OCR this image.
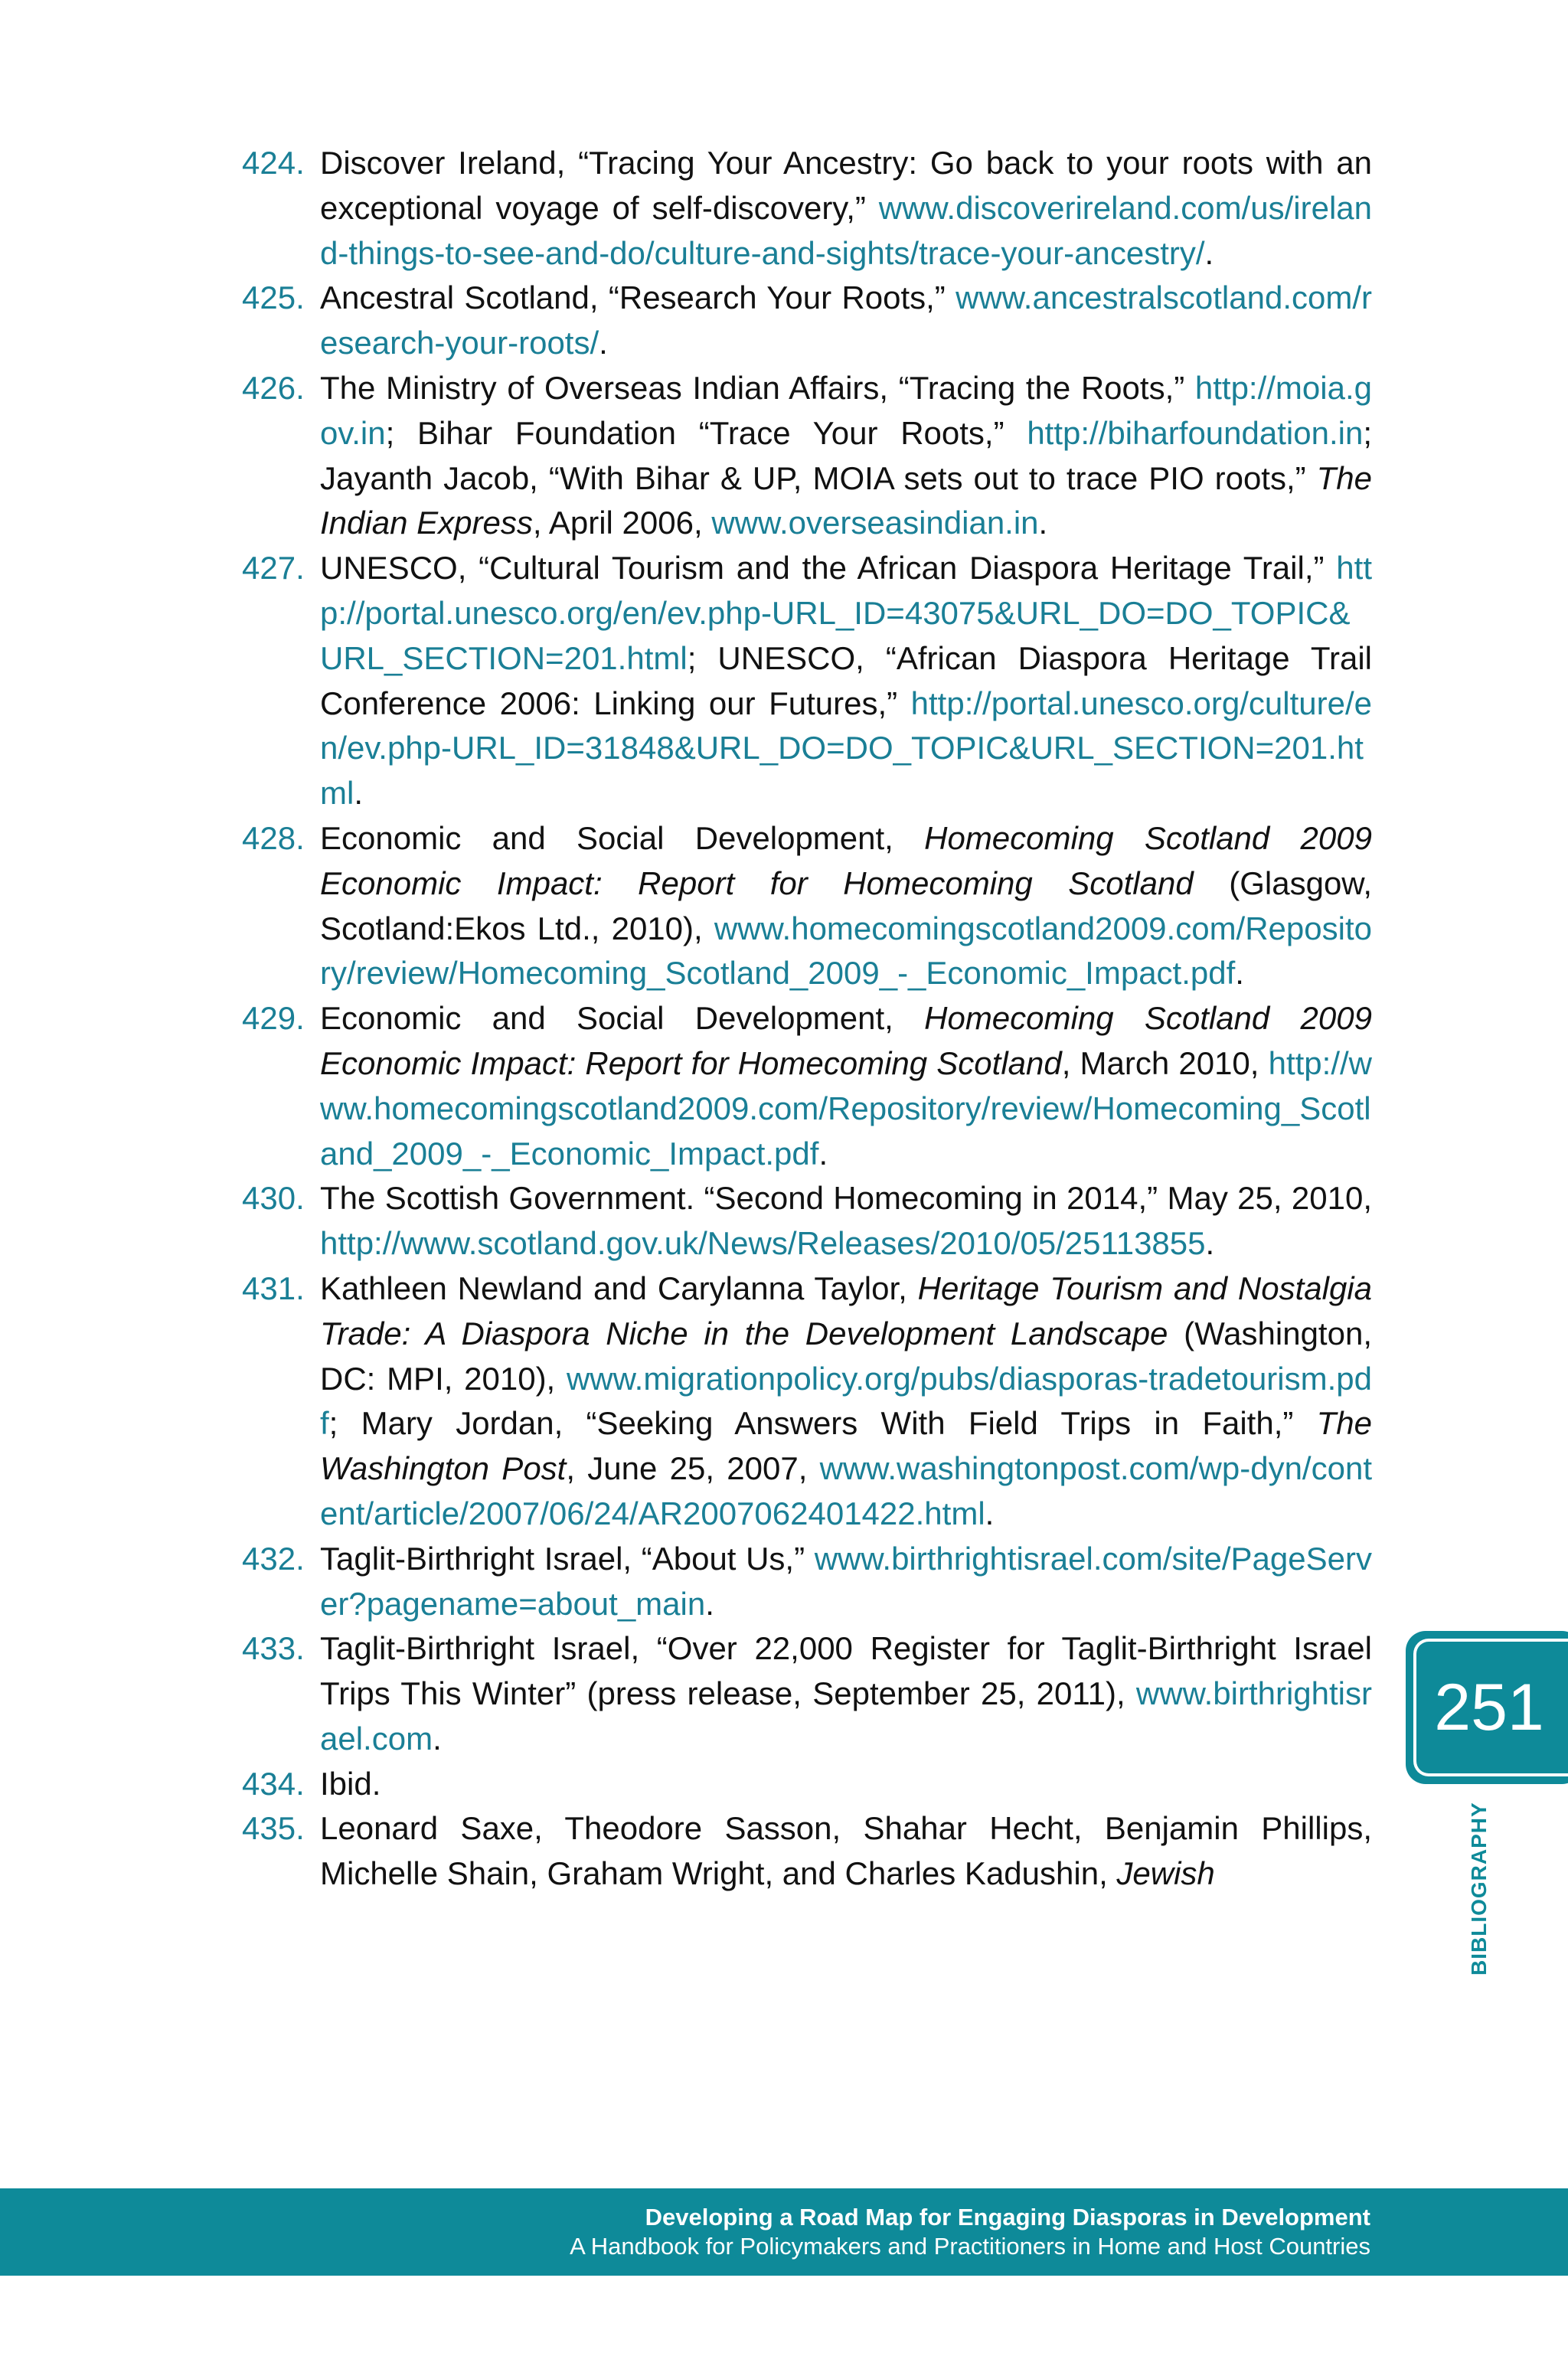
424. Discover Ireland, “Tracing Your Ancestry: Go back to your roots with an exceptional voyage of self-discovery,” www.discoverireland.com/us/ireland-things-to-see-and-do/culture-and-sights/trace-your-ancestry/.
425. Ancestral Scotland, “Research Your Roots,” www.ancestralscotland.com/research-your-roots/.
426. The Ministry of Overseas Indian Affairs, “Tracing the Roots,” http://moia.gov.in; Bihar Foundation “Trace Your Roots,” http://biharfoundation.in; Jayanth Jacob, “With Bihar & UP, MOIA sets out to trace PIO roots,” The Indian Express, April 2006, www.overseasindian.in.
427. UNESCO, “Cultural Tourism and the African Diaspora Heritage Trail,” http://portal.unesco.org/en/ev.php-URL_ID=43075&URL_DO=DO_TOPIC&URL_SECTION=201.html; UNESCO, “African Diaspora Heritage Trail Conference 2006: Linking our Futures,” http://portal.unesco.org/culture/en/ev.php-URL_ID=31848&URL_DO=DO_TOPIC&URL_SECTION=201.html.
428. Economic and Social Development, Homecoming Scotland 2009 Economic Impact: Report for Homecoming Scotland (Glasgow, Scotland:Ekos Ltd., 2010), www.homecomingscotland2009.com/Repository/review/Homecoming_Scotland_2009_-_Economic_Impact.pdf.
429. Economic and Social Development, Homecoming Scotland 2009 Economic Impact: Report for Homecoming Scotland, March 2010, http://www.homecomingscotland2009.com/Repository/review/Homecoming_Scotland_2009_-_Economic_Impact.pdf.
430. The Scottish Government. “Second Homecoming in 2014,” May 25, 2010, http://www.scotland.gov.uk/News/Releases/2010/05/25113855.
431. Kathleen Newland and Carylanna Taylor, Heritage Tourism and Nostalgia Trade: A Diaspora Niche in the Development Landscape (Washington, DC: MPI, 2010), www.migrationpolicy.org/pubs/diasporas-tradetourism.pdf; Mary Jordan, “Seeking Answers With Field Trips in Faith,” The Washington Post, June 25, 2007, www.washingtonpost.com/wp-dyn/content/article/2007/06/24/AR2007062401422.html.
432. Taglit-Birthright Israel, “About Us,” www.birthrightisrael.com/site/PageServer?pagename=about_main.
433. Taglit-Birthright Israel, “Over 22,000 Register for Taglit-Birthright Israel Trips This Winter” (press release, September 25, 2011), www.birthrightisrael.com.
434. Ibid.
435. Leonard Saxe, Theodore Sasson, Shahar Hecht, Benjamin Phillips, Michelle Shain, Graham Wright, and Charles Kadushin, Jewish
251
BIBLIOGRAPHY
Developing a Road Map for Engaging Diasporas in Development
A Handbook for Policymakers and Practitioners in Home and Host Countries
